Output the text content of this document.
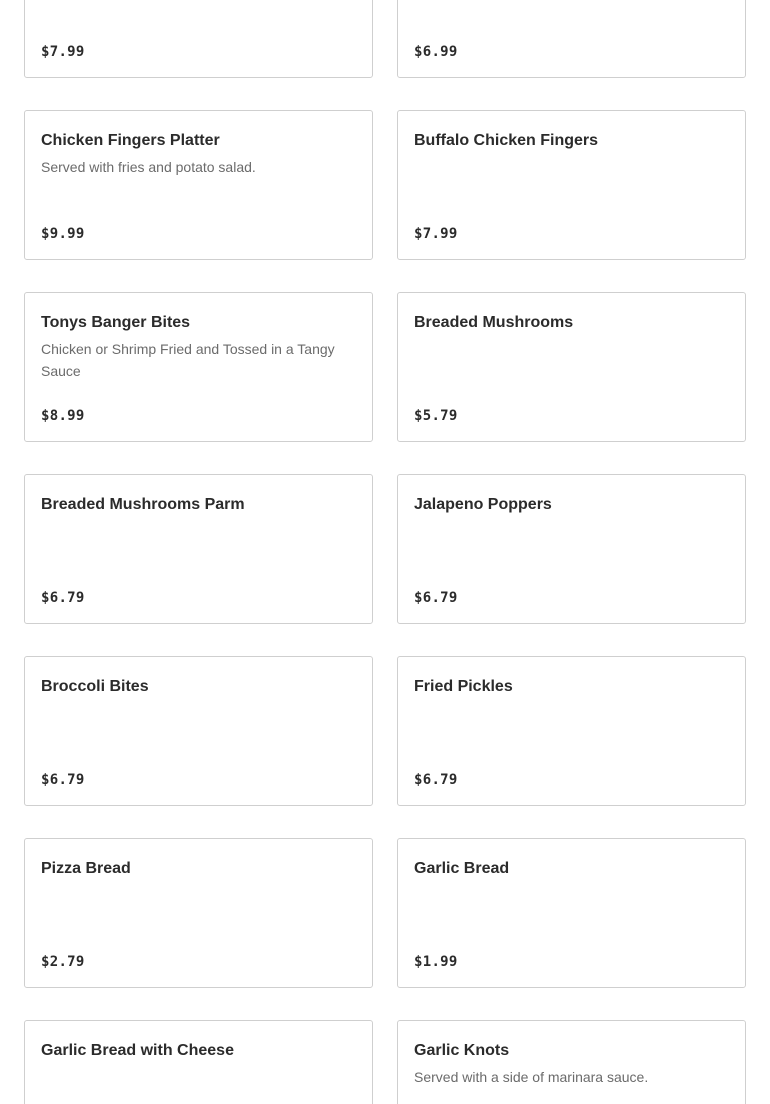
$7.99	$6.99
Chicken Fingers Platter
Served with fries and potato salad.
$9.99
Buffalo Chicken Fingers
$7.99
Tonys Banger Bites
Chicken or Shrimp Fried and Tossed in a Tangy Sauce
$8.99
Breaded Mushrooms
$5.79
Breaded Mushrooms Parm
$6.79
Jalapeno Poppers
$6.79
Broccoli Bites
$6.79
Fried Pickles
$6.79
Pizza Bread
$2.79
Garlic Bread
$1.99
Garlic Bread with Cheese	Garlic Knots
Served with a side of marinara sauce.
